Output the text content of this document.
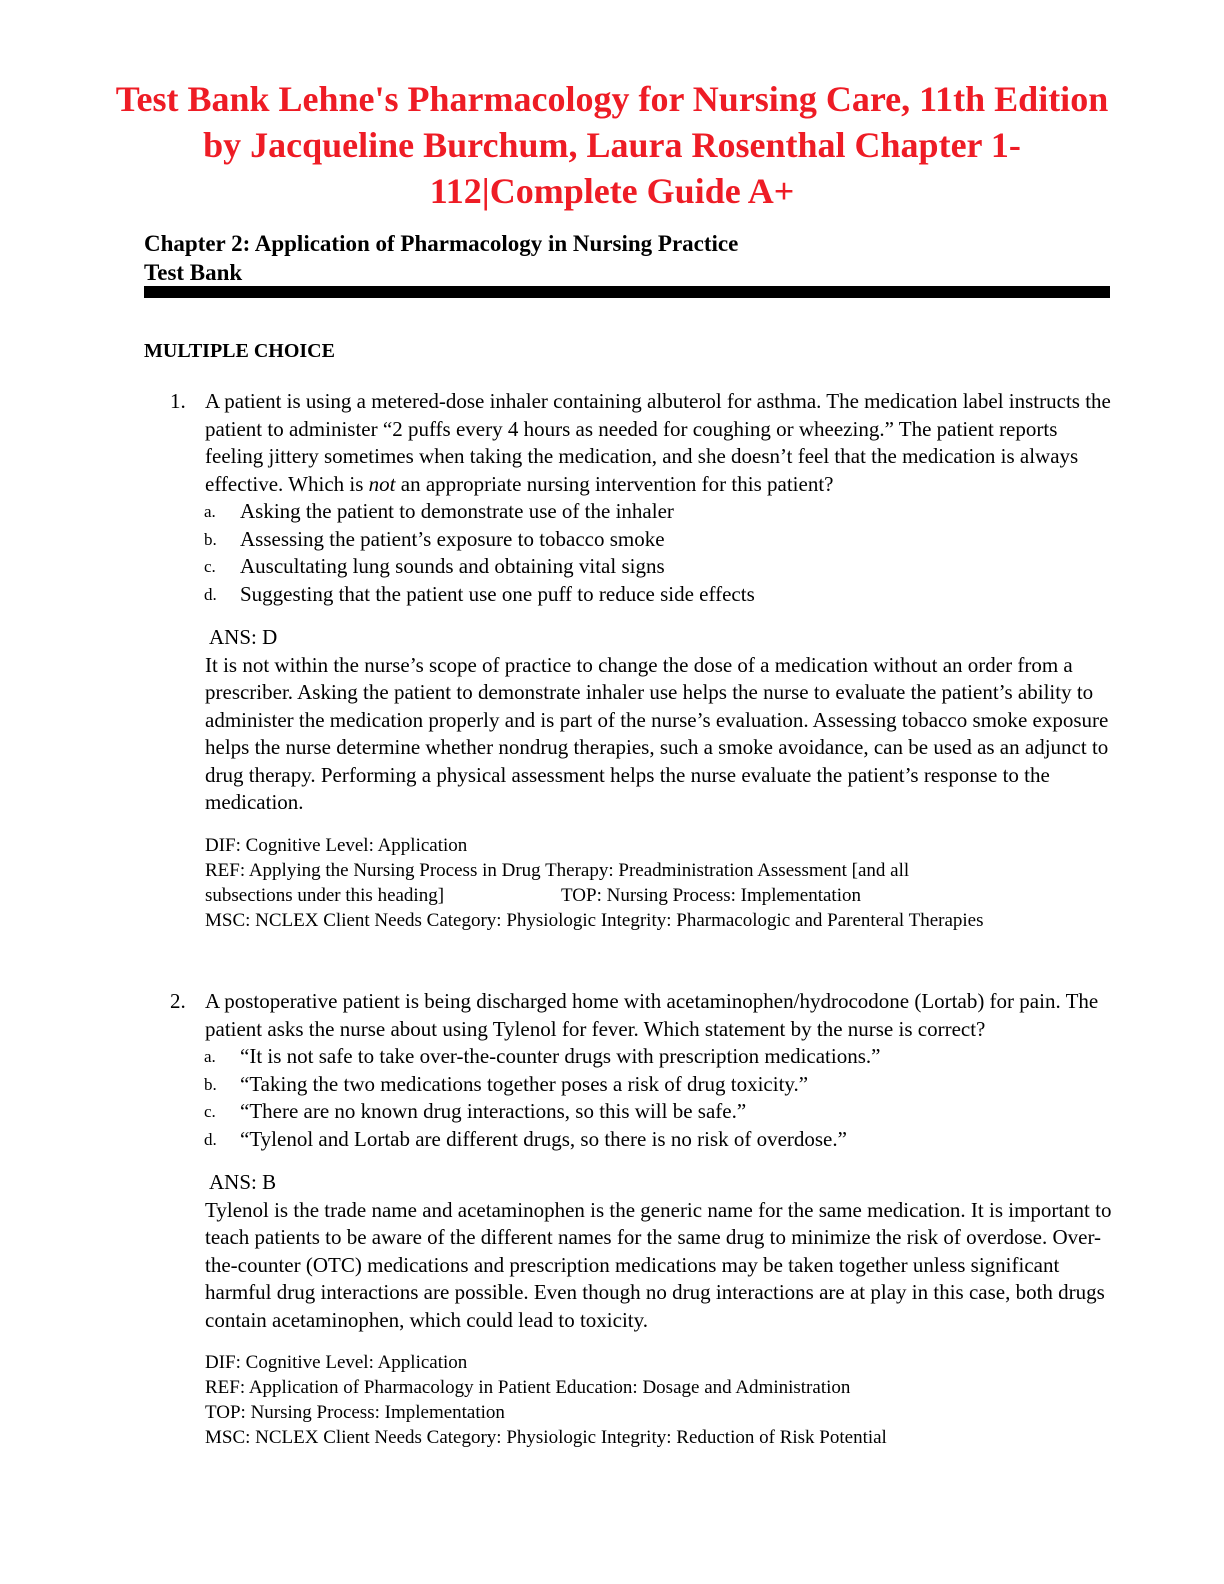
Test Bank Lehne's Pharmacology for Nursing Care, 11th Edition by Jacqueline Burchum, Laura Rosenthal Chapter 1-112|Complete Guide A+
Chapter 2: Application of Pharmacology in Nursing Practice
Test Bank
MULTIPLE CHOICE

1. A patient is using a metered-dose inhaler containing albuterol for asthma. The medication label instructs the patient to administer “2 puffs every 4 hours as needed for coughing or wheezing.” The patient reports feeling jittery sometimes when taking the medication, and she doesn’t feel that the medication is always effective. Which is not an appropriate nursing intervention for this patient?

a. Asking the patient to demonstrate use of the inhaler
b. Assessing the patient’s exposure to tobacco smoke
c. Auscultating lung sounds and obtaining vital signs
d. Suggesting that the patient use one puff to reduce side effects
ANS: D

It is not within the nurse’s scope of practice to change the dose of a medication without an order from a prescriber. Asking the patient to demonstrate inhaler use helps the nurse to evaluate the patient’s ability to administer the medication properly and is part of the nurse’s evaluation. Assessing tobacco smoke exposure helps the nurse determine whether nondrug therapies, such a smoke avoidance, can be used as an adjunct to drug therapy. Performing a physical assessment helps the nurse evaluate the patient’s response to the medication.

DIF: Cognitive Level: Application
REF: Applying the Nursing Process in Drug Therapy: Preadministration Assessment [and all
subsections under this heading]	TOP: Nursing Process: Implementation
MSC: NCLEX Client Needs Category: Physiologic Integrity: Pharmacologic and Parenteral Therapies

2. A postoperative patient is being discharged home with acetaminophen/hydrocodone (Lortab) for pain. The patient asks the nurse about using Tylenol for fever. Which statement by the nurse is correct?

a. “It is not safe to take over-the-counter drugs with prescription medications.”
b. “Taking the two medications together poses a risk of drug toxicity.”
c. “There are no known drug interactions, so this will be safe.”
d. “Tylenol and Lortab are different drugs, so there is no risk of overdose.”
ANS: B

Tylenol is the trade name and acetaminophen is the generic name for the same medication. It is important to teach patients to be aware of the different names for the same drug to minimize the risk of overdose. Over-the-counter (OTC) medications and prescription medications may be taken together unless significant harmful drug interactions are possible. Even though no drug interactions are at play in this case, both drugs contain acetaminophen, which could lead to toxicity.

DIF: Cognitive Level: Application
REF: Application of Pharmacology in Patient Education: Dosage and Administration
TOP: Nursing Process: Implementation
MSC: NCLEX Client Needs Category: Physiologic Integrity: Reduction of Risk Potential
